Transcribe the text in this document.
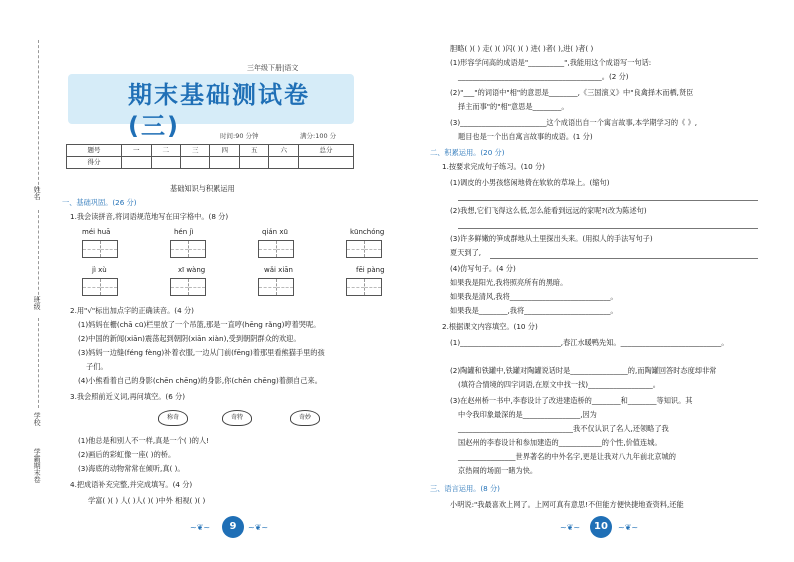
姓名
班级
学校
学霸期末卷
三年级下册|语文
期末基础测试卷(三)	时间:90 分钟	满分:100 分
题号	一	二	三	四	五	六	总分
得分							
基础知识与积累运用
一、基础巩固。(26 分)
1.我会读拼音,将词语规范地写在田字格中。(8 分)
méi huā	hén jì	qián xū	kūnchóng
jì xù	xī wàng	wǎi xiān	fēi pàng
2.用"√"标出加点字的正确读音。(4 分)
(1)妈妈在栅(chā cū)栏里放了一个吊篮,那是一直哼(hēng rǎng)哼着哭呢。
(2)中国的新闻(xiān)震荡起到朝阴(xiān xiàn),受到朝阴群众的欢迎。
(3)妈妈一边缝(féng fèng)补着衣服,一边从门前(fēng)着那里看熊猫手里的孩
子们。
(4)小熊看着自己的身影(chēn chēng)的身影,你(chēn chēng)着颜自己来。
3.我会照前近义词,再问填空。(6 分)
称奇	奇特	奇妙
(1)他总是和别人不一样,真是一个( )的人!
(2)画后的彩虹像一座( )的桥。
(3)海底的动物常常在倾听,真( )。
4.把成语补充完整,并完成填写。(4 分)
学富( )( ) 人( )人( )( )中外 相视( )( )
~❦~	9	~❦~
胆略( )( ) 走( )( )闪( )( ) 进( )者( ),进( )者( )
(1)形容学问高的成语是"__________",我能用这个成语写一句话:
________________________________________。(2 分)
(2)"___"的词语中"相"的意思是________,《三国演义》中"良禽择木而栖,贤臣
择主而事"的"相"意思是________。
(3)________________________这个成语出自一个寓言故事,本学期学习的《 》,
题目也是一个出自寓言故事的成语。(1 分)
二、积累运用。(20 分)
1.按要求完成句子练习。(10 分)
(1)调皮的小男孩悠闲地倚在软软的草垛上。(缩句)
(2)我想,它们飞得这么低,怎么能看到远远的家呢?(改为陈述句)
(3)许多鲜嫩的笋成群地从土里探出头来。(用拟人的手法写句子)
夏天到了,
(4)仿写句子。(4 分)
如果我是阳光,我将照亮所有的黑暗。
如果我是清风,我将____________________________。
如果我是________,我将________________________。
2.根据课文内容填空。(10 分)
(1)____________________________,春江水暖鸭先知。____________________________。
(2)陶罐和铁罐中,铁罐对陶罐说话时是________________的,而陶罐回答时态度却非常
(填符合情境的四字词语,在原文中找一找)__________________。
(3)在赵州桥一书中,李春设计了改进建造桥的________和________等知识。其
中令我印象最深的是________________,因为
________________________________我不仅认识了名人,还领略了我
国赵州的李春设计和参加建造的____________的个性,价值连城。
________________世界著名的中外名字,更是让我对八九年前北京城的
京热闹的场面一睹为快。
三、语言运用。(8 分)
小明说:"我最喜欢上网了。上网可真有意思!不但能方便快捷地查资料,还能
~❦~	10	~❦~
